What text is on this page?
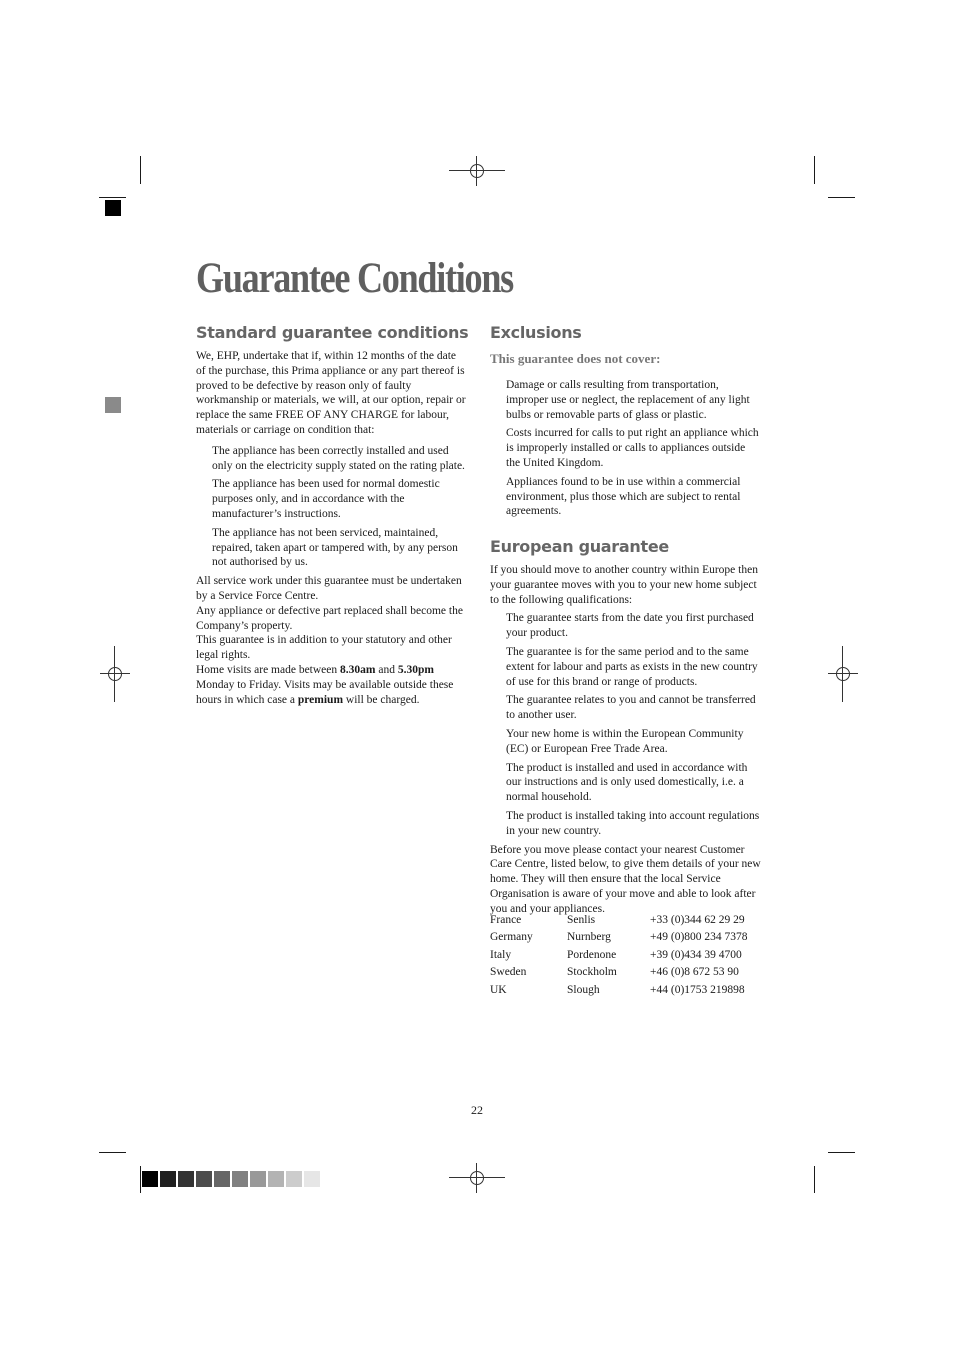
Guarantee Conditions
Standard guarantee conditions

We, EHP, undertake that if, within 12 months of the date of the purchase, this Prima appliance or any part thereof is proved to be defective by reason only of faulty workmanship or materials, we will, at our option, repair or replace the same FREE OF ANY CHARGE for labour, materials or carriage on condition that:

The appliance has been correctly installed and used only on the electricity supply stated on the rating plate.

The appliance has been used for normal domestic purposes only, and in accordance with the manufacturer’s instructions.

The appliance has not been serviced, maintained, repaired, taken apart or tampered with, by any person not authorised by us.

All service work under this guarantee must be undertaken by a Service Force Centre.

Any appliance or defective part replaced shall become the Company’s property.

This guarantee is in addition to your statutory and other legal rights.

Home visits are made between 8.30am and 5.30pm Monday to Friday. Visits may be available outside these hours in which case a premium will be charged.

Exclusions

This guarantee does not cover:

Damage or calls resulting from transportation, improper use or neglect, the replacement of any light bulbs or removable parts of glass or plastic.

Costs incurred for calls to put right an appliance which is improperly installed or calls to appliances outside the United Kingdom.

Appliances found to be in use within a commercial environment, plus those which are subject to rental agreements.

European guarantee

If you should move to another country within Europe then your guarantee moves with you to your new home subject to the following qualifications:

The guarantee starts from the date you first purchased your product.

The guarantee is for the same period and to the same extent for labour and parts as exists in the new country of use for this brand or range of products.

The guarantee relates to you and cannot be transferred to another user.

Your new home is within the European Community (EC) or European Free Trade Area.

The product is installed and used in accordance with our instructions and is only used domestically, i.e. a normal household.

The product is installed taking into account regulations in your new country.

Before you move please contact your nearest Customer Care Centre, listed below, to give them details of your new home. They will then ensure that the local Service Organisation is aware of your move and able to look after you and your appliances.

France	Senlis	+33 (0)344 62 29 29
Germany	Nurnberg	+49 (0)800 234 7378
Italy	Pordenone	+39 (0)434 39 4700
Sweden	Stockholm	+46 (0)8 672 53 90
UK	Slough	+44 (0)1753 219898
22
